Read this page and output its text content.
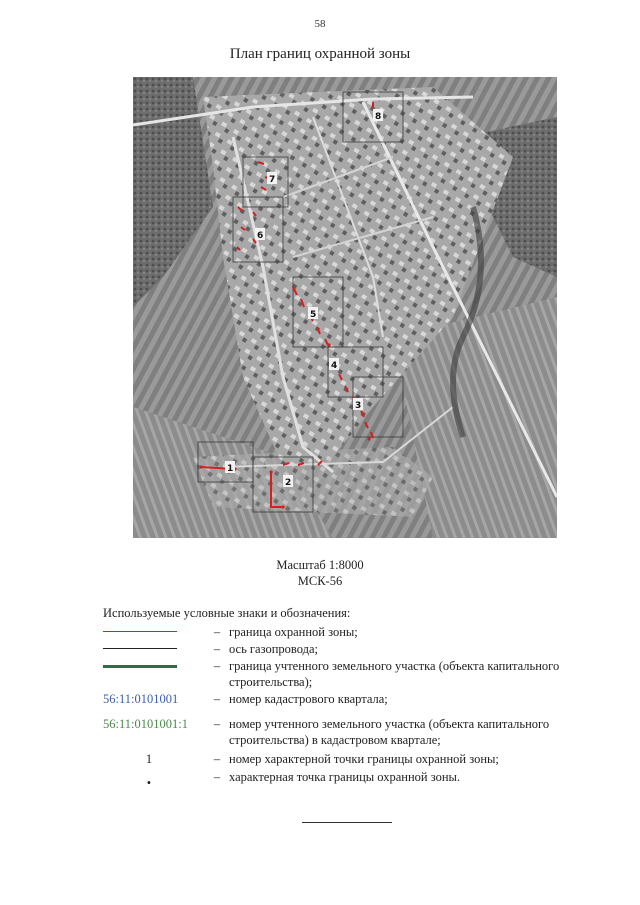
58
План границ охранной зоны
1
2
3
4
5
6
7
8
Масштаб 1:8000
МСК-56
Используемые условные знаки и обозначения:
– граница охранной зоны;
– ось газопровода;
– граница учтенного земельного участка (объекта капитального строительства);
56:11:0101001	– номер кадастрового квартала;
56:11:0101001:1	– номер учтенного земельного участка (объекта капитального строительства) в кадастровом квартале;
1	– номер характерной точки границы охранной зоны;
•	– характерная точка границы охранной зоны.
